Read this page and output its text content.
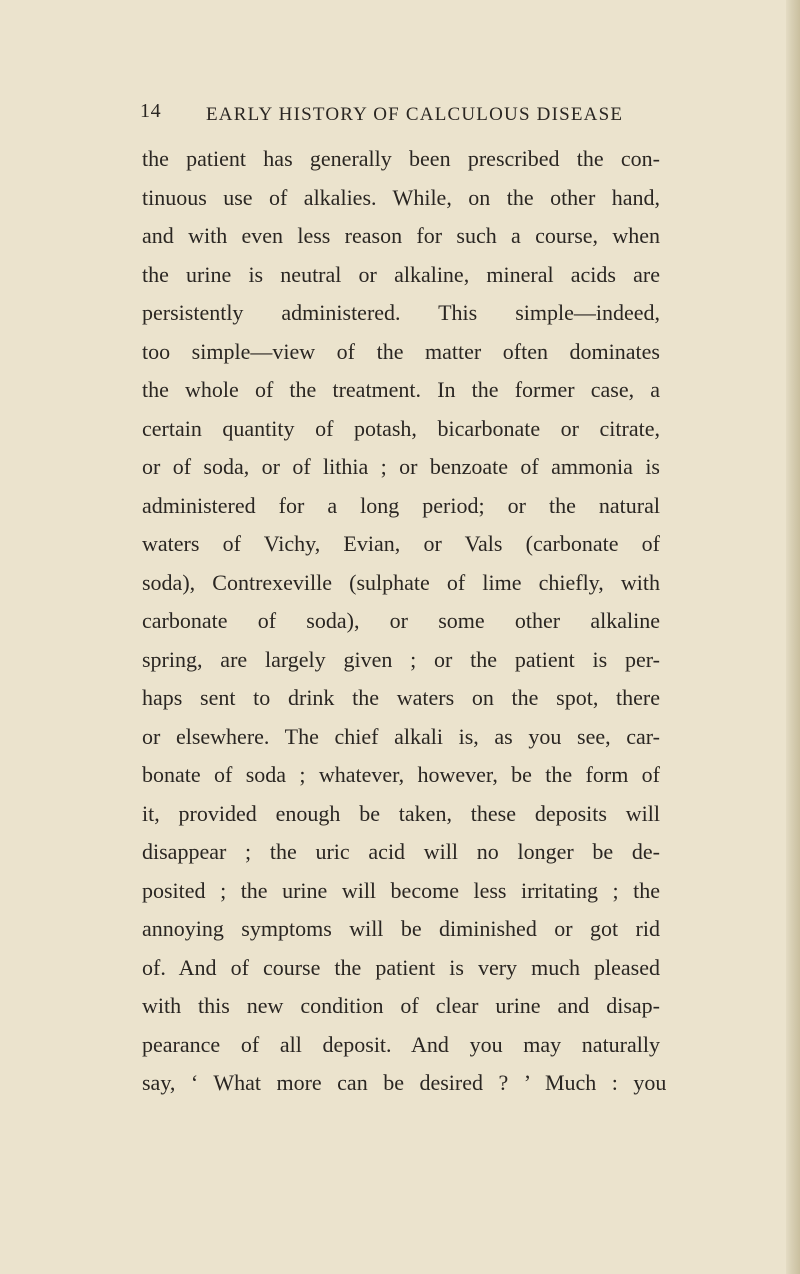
14 EARLY HISTORY OF CALCULOUS DISEASE
the patient has generally been prescribed the con-
tinuous use of alkalies. While, on the other hand,
and with even less reason for such a course, when
the urine is neutral or alkaline, mineral acids are
persistently administered. This simple—indeed,
too simple—view of the matter often dominates
the whole of the treatment. In the former case, a
certain quantity of potash, bicarbonate or citrate,
or of soda, or of lithia ; or benzoate of ammonia is
administered for a long period; or the natural
waters of Vichy, Evian, or Vals (carbonate of
soda), Contrexeville (sulphate of lime chiefly, with
carbonate of soda), or some other alkaline
spring, are largely given ; or the patient is per-
haps sent to drink the waters on the spot, there
or elsewhere. The chief alkali is, as you see, car-
bonate of soda ; whatever, however, be the form of
it, provided enough be taken, these deposits will
disappear ; the uric acid will no longer be de-
posited ; the urine will become less irritating ; the
annoying symptoms will be diminished or got rid
of. And of course the patient is very much pleased
with this new condition of clear urine and disap-
pearance of all deposit. And you may naturally
say, ‘ What more can be desired ? ’ Much : you
